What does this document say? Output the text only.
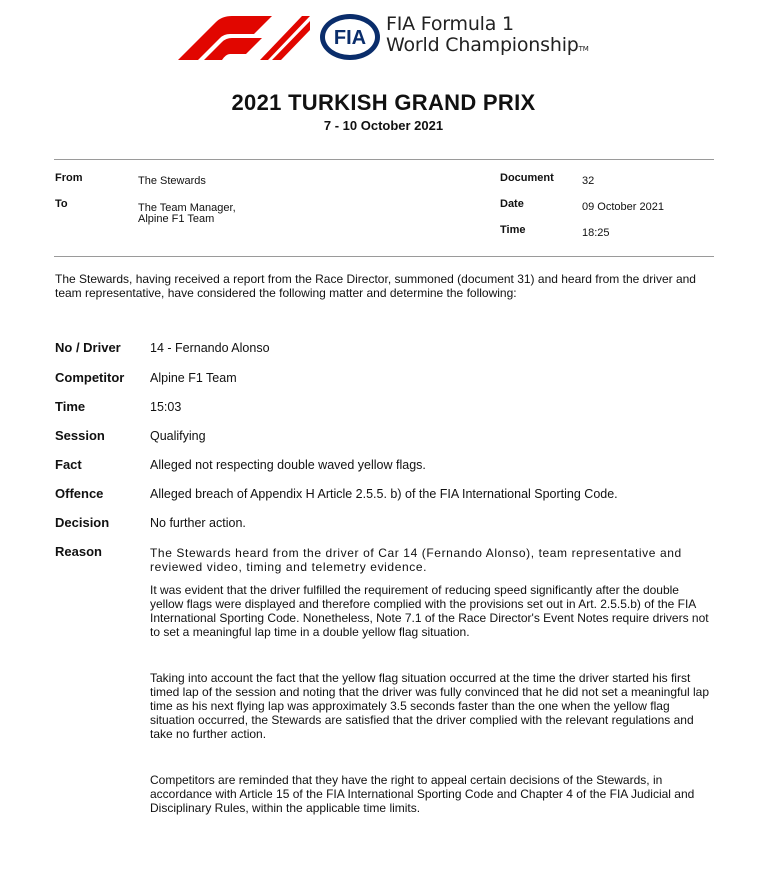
FIA
FIA Formula 1
World ChampionshipTM
2021 TURKISH GRAND PRIX
7 - 10 October 2021
From	The Stewards
To	The Team Manager,
Alpine F1 Team
Document	32
Date	09 October 2021
Time	18:25
The Stewards, having received a report from the Race Director, summoned (document 31) and heard from the driver and team representative, have considered the following matter and determine the following:
No / Driver	14 - Fernando Alonso
Competitor	Alpine F1 Team
Time	15:03
Session	Qualifying
Fact	Alleged not respecting double waved yellow flags.
Offence	Alleged breach of Appendix H Article 2.5.5. b) of the FIA International Sporting Code.
Decision	No further action.
Reason	The Stewards heard from the driver of Car 14 (Fernando Alonso), team representative and reviewed video, timing and telemetry evidence.
It was evident that the driver fulfilled the requirement of reducing speed significantly after the double yellow flags were displayed and therefore complied with the provisions set out in Art. 2.5.5.b) of the FIA International Sporting Code. Nonetheless, Note 7.1 of the Race Director's Event Notes require drivers not to set a meaningful lap time in a double yellow flag situation.
Taking into account the fact that the yellow flag situation occurred at the time the driver started his first timed lap of the session and noting that the driver was fully convinced that he did not set a meaningful lap time as his next flying lap was approximately 3.5 seconds faster than the one when the yellow flag situation occurred, the Stewards are satisfied that the driver complied with the relevant regulations and take no further action.
Competitors are reminded that they have the right to appeal certain decisions of the Stewards, in accordance with Article 15 of the FIA International Sporting Code and Chapter 4 of the FIA Judicial and Disciplinary Rules, within the applicable time limits.
